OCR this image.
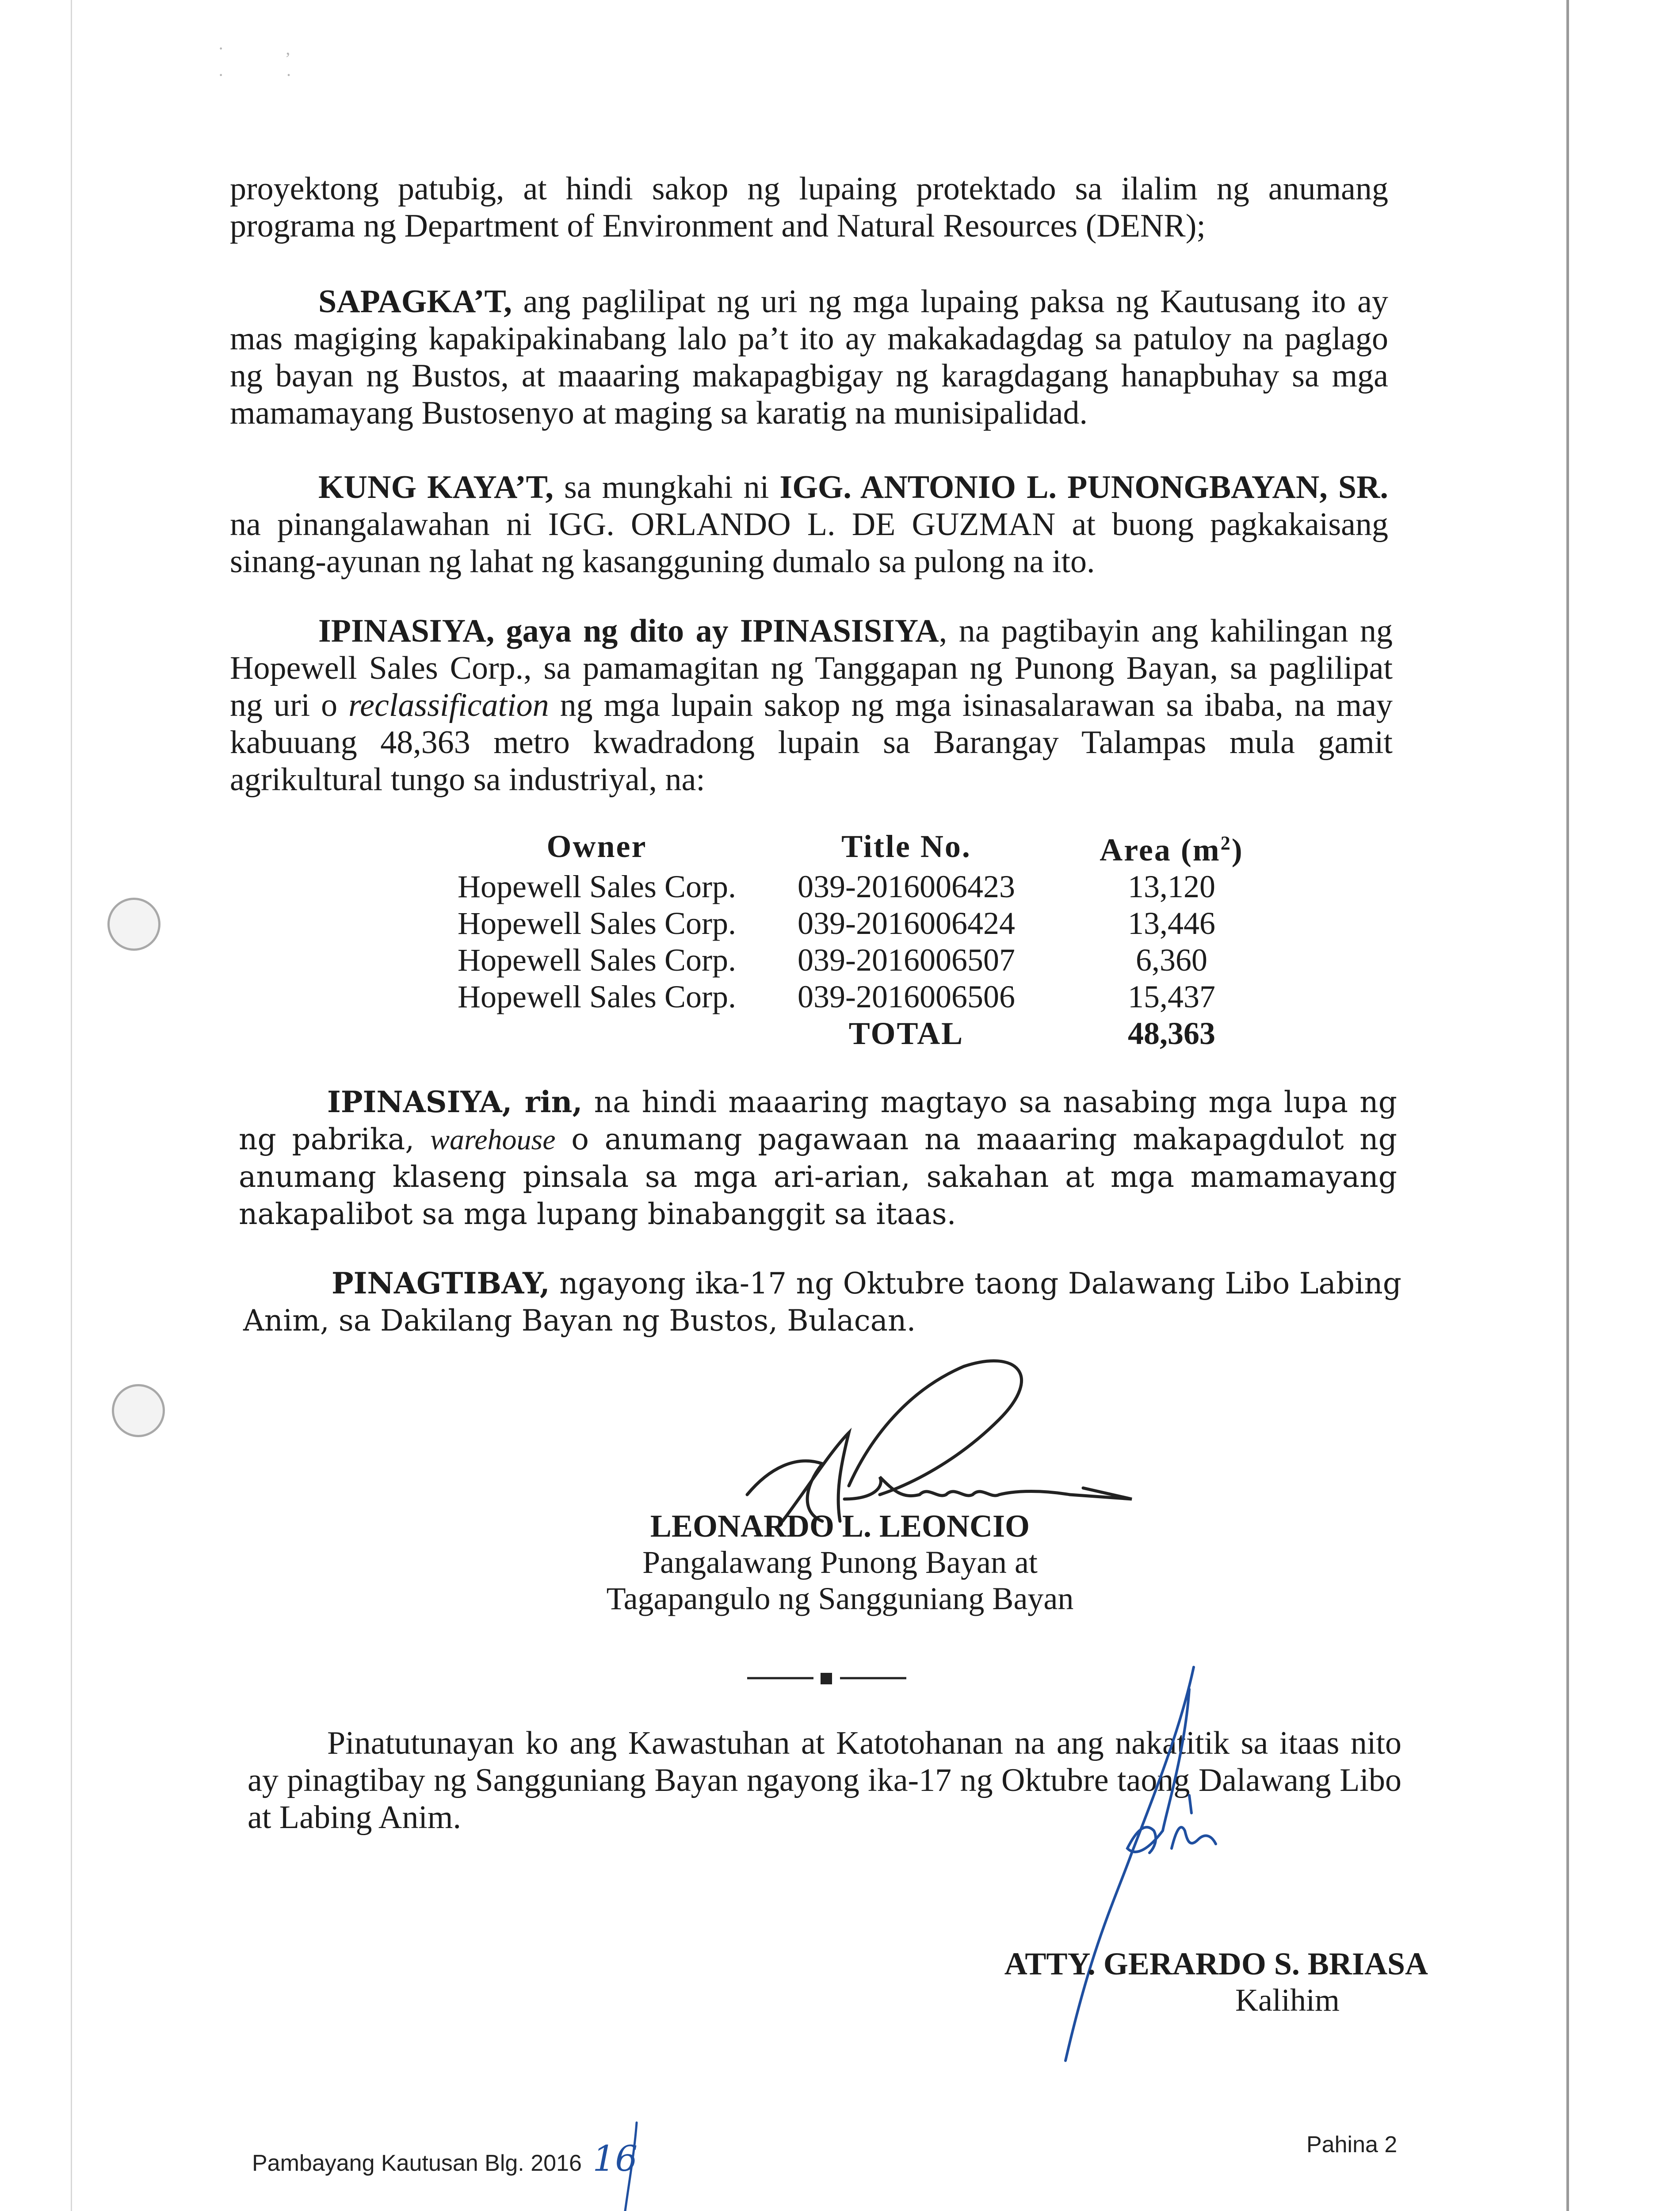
·  ,
·  ·

proyektong patubig, at hindi sakop ng lupaing protektado sa ilalim ng anumang programa ng Department of Environment and Natural Resources (DENR);

SAPAGKA’T, ang paglilipat ng uri ng mga lupaing paksa ng Kautusang ito ay mas magiging kapakipakinabang lalo pa’t ito ay makakadagdag sa patuloy na paglago ng bayan ng Bustos, at maaaring makapagbigay ng karagdagang hanapbuhay sa mga mamamayang Bustosenyo at maging sa karatig na munisipalidad.

KUNG KAYA’T, sa mungkahi ni IGG. ANTONIO L. PUNONGBAYAN, SR. na pinangalawahan ni IGG. ORLANDO L. DE GUZMAN at buong pagkakaisang sinang-ayunan ng lahat ng kasangguning dumalo sa pulong na ito.

IPINASIYA, gaya ng dito ay IPINASISIYA, na pagtibayin ang kahilingan ng Hopewell Sales Corp., sa pamamagitan ng Tanggapan ng Punong Bayan, sa paglilipat ng uri o reclassification ng mga lupain sakop ng mga isinasalarawan sa ibaba, na may kabuuang 48,363 metro kwadradong lupain sa Barangay Talampas mula gamit agrikultural tungo sa industriyal, na:

Owner	Title No.	Area $(m^2)$
Hopewell Sales Corp.	039-2016006423	13,120
Hopewell Sales Corp.	039-2016006424	13,446
Hopewell Sales Corp.	039-2016006507	6,360
Hopewell Sales Corp.	039-2016006506	15,437
	TOTAL	48,363

IPINASIYA, rin, na hindi maaaring magtayo sa nasabing mga lupa ng ng pabrika, warehouse o anumang pagawaan na maaaring makapagdulot ng anumang klaseng pinsala sa mga ari-arian, sakahan at mga mamamayang nakapalibot sa mga lupang binabanggit sa itaas.

PINAGTIBAY, ngayong ika-17 ng Oktubre taong Dalawang Libo Labing Anim, sa Dakilang Bayan ng Bustos, Bulacan.

LEONARDO L. LEONCIO
Pangalawang Punong Bayan at
Tagapangulo ng Sangguniang Bayan

Pinatutunayan ko ang Kawastuhan at Katotohanan na ang nakatitik sa itaas nito ay pinagtibay ng Sangguniang Bayan ngayong ika-17 ng Oktubre taong Dalawang Libo at Labing Anim.

ATTY. GERARDO S. BRIASA
Kalihim
Pambayang Kautusan Blg. 2016 16	Pahina 2
